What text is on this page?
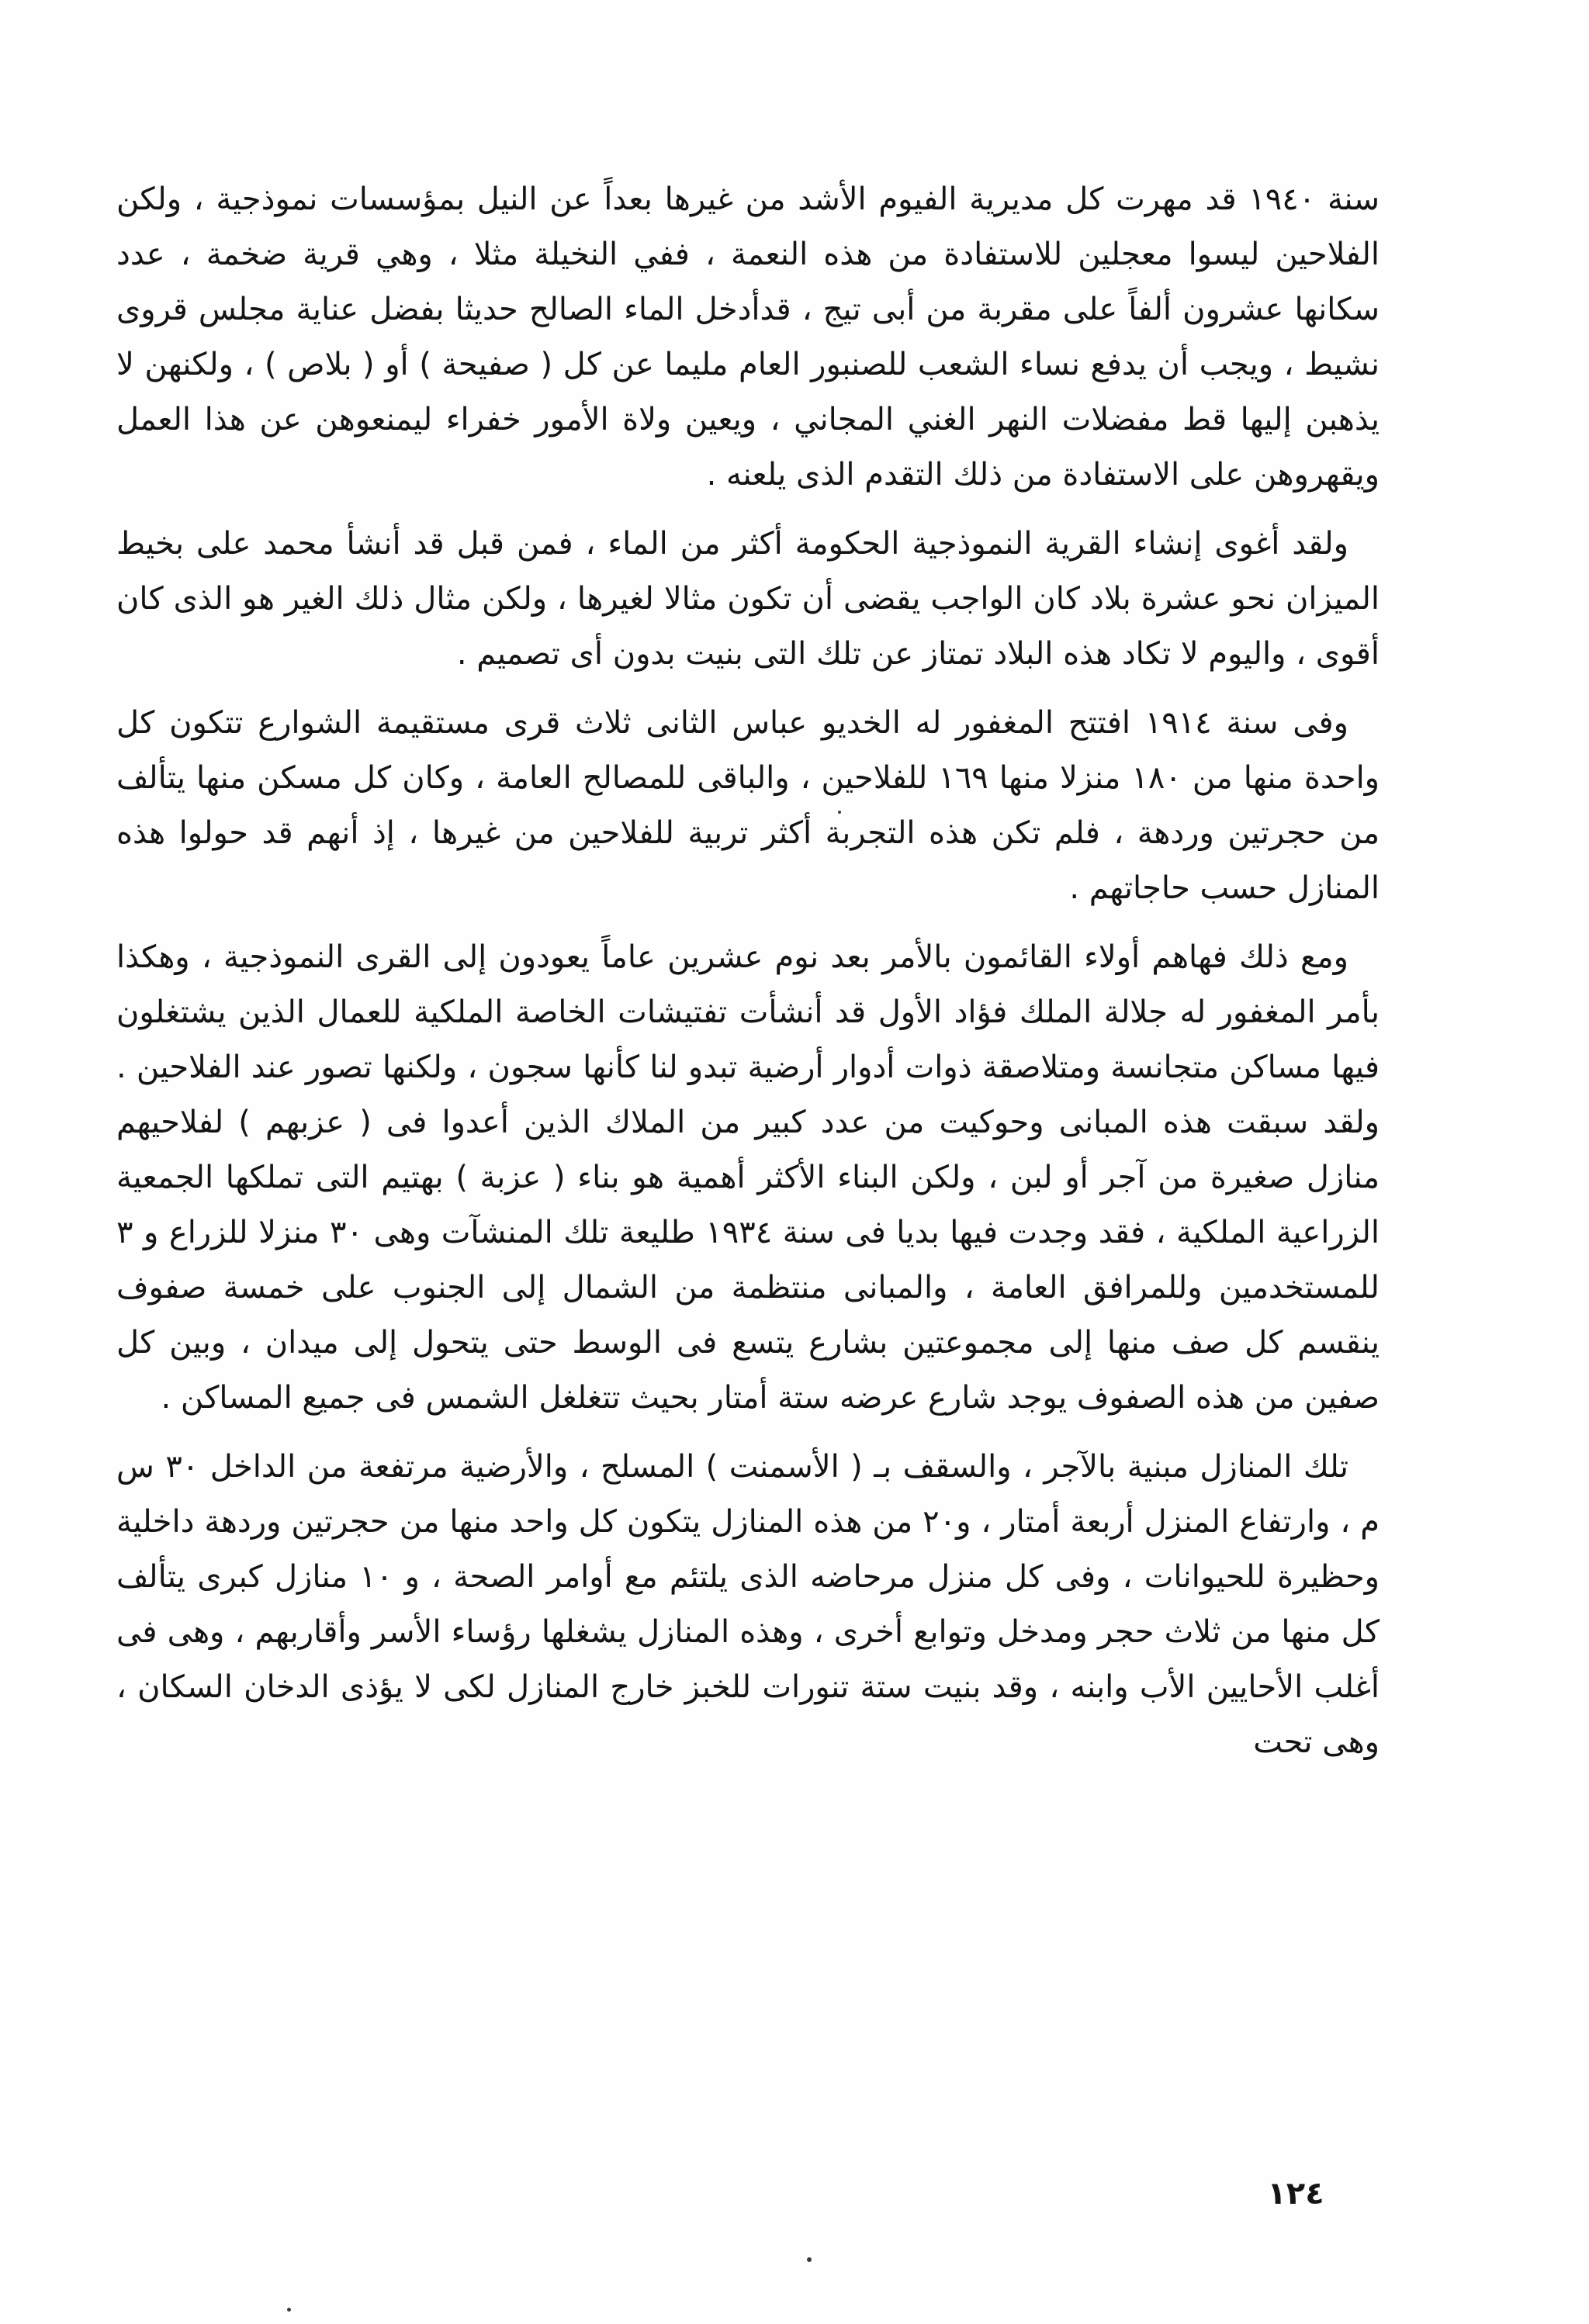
سنة ١٩٤٠ قد مهرت كل مديرية الفيوم الأشد من غيرها بعداً عن النيل بمؤسسات نموذجية ، ولكن الفلاحين ليسوا معجلين للاستفادة من هذه النعمة ، ففي النخيلة مثلا ، وهي قرية ضخمة ، عدد سكانها عشرون ألفاً على مقربة من أبى تيج ، قدأدخل الماء الصالح حديثا بفضل عناية مجلس قروى نشيط ، ويجب أن يدفع نساء الشعب للصنبور العام مليما عن كل ( صفيحة ) أو ( بلاص ) ، ولكنهن لا يذهبن إليها قط مفضلات النهر الغني المجاني ، ويعين ولاة الأمور خفراء ليمنعوهن عن هذا العمل ويقهروهن على الاستفادة من ذلك التقدم الذى يلعنه .

ولقد أغوى إنشاء القرية النموذجية الحكومة أكثر من الماء ، فمن قبل قد أنشأ محمد على بخيط الميزان نحو عشرة بلاد كان الواجب يقضى أن تكون مثالا لغيرها ، ولكن مثال ذلك الغير هو الذى كان أقوى ، واليوم لا تكاد هذه البلاد تمتاز عن تلك التى بنيت بدون أى تصميم .

وفى سنة ١٩١٤ افتتح المغفور له الخديو عباس الثانى ثلاث قرى مستقيمة الشوارع تتكون كل واحدة منها من ١٨٠ منزلا منها ١٦٩ للفلاحين ، والباقى للمصالح العامة ، وكان كل مسكن منها يتألف من حجرتين وردهة ، فلم تكن هذه التجربة أكثر تربية للفلاحين من غيرها ، إذ أنهم قد حولوا هذه المنازل حسب حاجاتهم .

ومع ذلك فهاهم أولاء القائمون بالأمر بعد نوم عشرين عاماً يعودون إلى القرى النموذجية ، وهكذا بأمر المغفور له جلالة الملك فؤاد الأول قد أنشأت تفتيشات الخاصة الملكية للعمال الذين يشتغلون فيها مساكن متجانسة ومتلاصقة ذوات أدوار أرضية تبدو لنا كأنها سجون ، ولكنها تصور عند الفلاحين . ولقد سبقت هذه المبانى وحوكيت من عدد كبير من الملاك الذين أعدوا فى ( عزبهم ) لفلاحيهم منازل صغيرة من آجر أو لبن ، ولكن البناء الأكثر أهمية هو بناء ( عزبة ) بهتيم التى تملكها الجمعية الزراعية الملكية ، فقد وجدت فيها بديا فى سنة ١٩٣٤ طليعة تلك المنشآت وهى ٣٠ منزلا للزراع و ٣ للمستخدمين وللمرافق العامة ، والمبانى منتظمة من الشمال إلى الجنوب على خمسة صفوف ينقسم كل صف منها إلى مجموعتين بشارع يتسع فى الوسط حتى يتحول إلى ميدان ، وبين كل صفين من هذه الصفوف يوجد شارع عرضه ستة أمتار بحيث تتغلغل الشمس فى جميع المساكن .

تلك المنازل مبنية بالآجر ، والسقف بـ ( الأسمنت ) المسلح ، والأرضية مرتفعة من الداخل ٣٠ س م ، وارتفاع المنزل أربعة أمتار ، و٢٠ من هذه المنازل يتكون كل واحد منها من حجرتين وردهة داخلية وحظيرة للحيوانات ، وفى كل منزل مرحاضه الذى يلتئم مع أوامر الصحة ، و ١٠ منازل كبرى يتألف كل منها من ثلاث حجر ومدخل وتوابع أخرى ، وهذه المنازل يشغلها رؤساء الأسر وأقاربهم ، وهى فى أغلب الأحايين الأب وابنه ، وقد بنيت ستة تنورات للخبز خارج المنازل لكى لا يؤذى الدخان السكان ، وهى تحت

١٢٤
